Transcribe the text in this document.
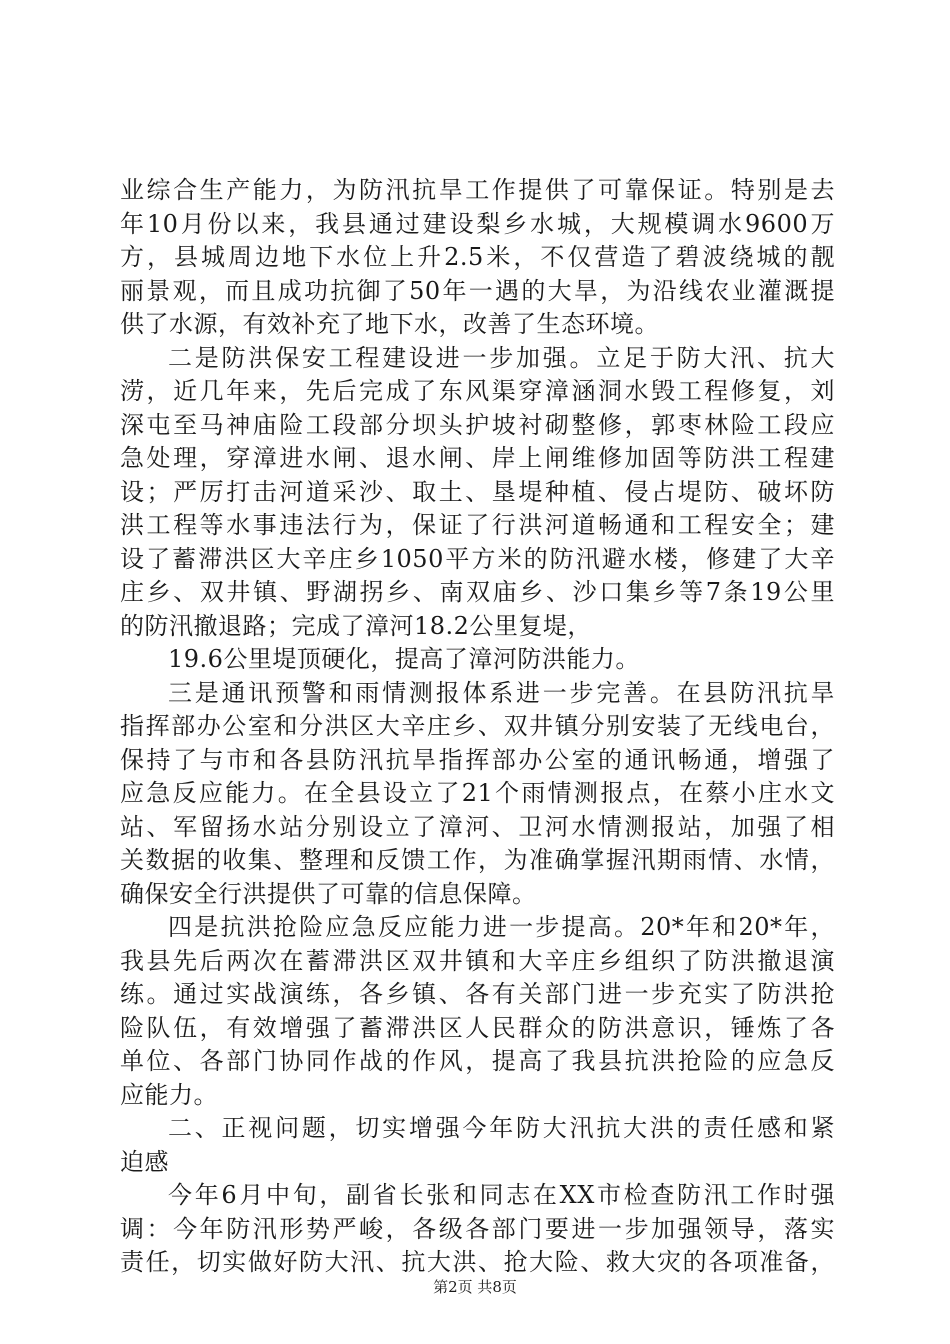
业综合生产能力，为防汛抗旱工作提供了可靠保证。特别是去
年10月份以来，我县通过建设梨乡水城，大规模调水9600万
方，县城周边地下水位上升2.5米，不仅营造了碧波绕城的靓
丽景观，而且成功抗御了50年一遇的大旱，为沿线农业灌溉提
供了水源，有效补充了地下水，改善了生态环境。
二是防洪保安工程建设进一步加强。立足于防大汛、抗大
涝，近几年来，先后完成了东风渠穿漳涵洞水毁工程修复，刘
深屯至马神庙险工段部分坝头护坡衬砌整修，郭枣林险工段应
急处理，穿漳进水闸、退水闸、岸上闸维修加固等防洪工程建
设；严厉打击河道采沙、取土、垦堤种植、侵占堤防、破坏防
洪工程等水事违法行为，保证了行洪河道畅通和工程安全；建
设了蓄滞洪区大辛庄乡1050平方米的防汛避水楼，修建了大辛
庄乡、双井镇、野湖拐乡、南双庙乡、沙口集乡等7条19公里
的防汛撤退路；完成了漳河18.2公里复堤，
19.6公里堤顶硬化，提高了漳河防洪能力。
三是通讯预警和雨情测报体系进一步完善。在县防汛抗旱
指挥部办公室和分洪区大辛庄乡、双井镇分别安装了无线电台，
保持了与市和各县防汛抗旱指挥部办公室的通讯畅通，增强了
应急反应能力。在全县设立了21个雨情测报点，在蔡小庄水文
站、军留扬水站分别设立了漳河、卫河水情测报站，加强了相
关数据的收集、整理和反馈工作，为准确掌握汛期雨情、水情，
确保安全行洪提供了可靠的信息保障。
四是抗洪抢险应急反应能力进一步提高。20*年和20*年，
我县先后两次在蓄滞洪区双井镇和大辛庄乡组织了防洪撤退演
练。通过实战演练，各乡镇、各有关部门进一步充实了防洪抢
险队伍，有效增强了蓄滞洪区人民群众的防洪意识，锤炼了各
单位、各部门协同作战的作风，提高了我县抗洪抢险的应急反
应能力。
二、正视问题，切实增强今年防大汛抗大洪的责任感和紧
迫感
今年6月中旬，副省长张和同志在XX市检查防汛工作时强
调：今年防汛形势严峻，各级各部门要进一步加强领导，落实
责任，切实做好防大汛、抗大洪、抢大险、救大灾的各项准备，
第2页 共8页
